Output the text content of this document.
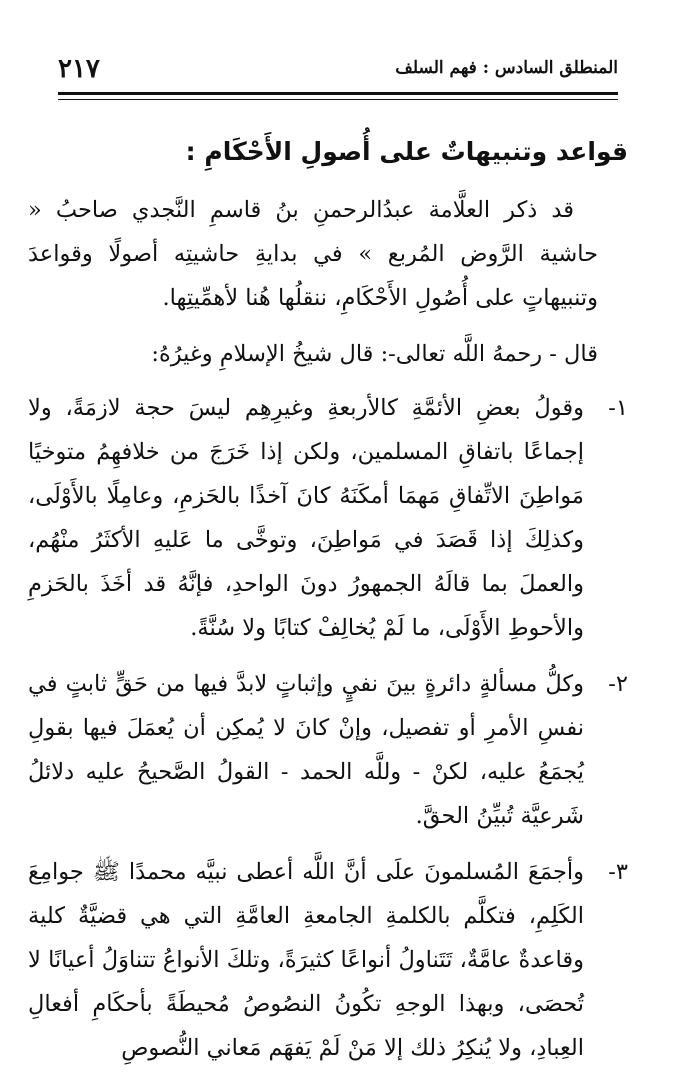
المنطلق السادس : فهم السلف
٢١٧
قواعد وتنبيهاتٌ على أُصولِ الأَحْكَامِ :

قد ذكر العلَّامة عبدُالرحمنِ بنُ قاسمِ النَّجدي صاحبُ « حاشية الرَّوض المُربع » في بدايةِ حاشيتِه أصولًا وقواعدَ وتنبيهاتٍ على أُصُولِ الأَحْكَامِ، ننقلُها هُنا لأهمِّيتِها.

قال - رحمهُ اللَّه تعالى-: قال شيخُ الإسلامِ وغيرُهُ:

١-
وقولُ بعضِ الأئمَّةِ كالأربعةِ وغيرِهِم ليسَ حجة لازمَةً، ولا إجماعًا باتفاقِ المسلمين، ولكن إذا خَرَجَ من خلافهِمُ متوخيًا مَواطِنَ الاتِّفاقِ مَهمَا أمكَنَهُ كانَ آخذًا بالحَزمِ، وعامِلًا بالأَوْلَى، وكذلِكَ إذا قَصَدَ في مَواطِنَ، وتوخَّى ما عَليهِ الأكثَرُ منْهُم، والعملَ بما قالَهُ الجمهورُ دونَ الواحدِ، فإنَّهُ قد أخَذَ بالحَزمِ والأحوطِ الأَوْلَى، ما لَمْ يُخالِفْ كتابًا ولا سُنَّةً.
٢-
وكلُّ مسألةٍ دائرةٍ بينَ نفيٍ وإثباتٍ لابدَّ فيها من حَقٍّ ثابتٍ في نفسِ الأمرِ أو تفصيل، وإنْ كانَ لا يُمكِن أن يُعمَلَ فيها بقولِ يُجمَعُ عليه، لكنْ - وللَّه الحمد - القولُ الصَّحيحُ عليه دلائلُ شَرعيَّة تُبيِّنُ الحقَّ.
٣-
وأجمَعَ المُسلمونَ علَى أنَّ اللَّه أعطى نبيَّه محمدًا ﷺ جوامِعَ الكَلِمِ، فتكلَّم بالكلمةِ الجامعةِ العامَّةِ التي هي قضيَّةٌ كلية وقاعدةٌ عامَّةٌ، تَتَناولُ أنواعًا كثيرَةً، وتلكَ الأنواعُ تتناوَلُ أعيانًا لا تُحصَى، وبهذا الوجهِ تكُونُ النصُوصُ مُحيطَةً بأحكَامِ أفعالِ العِبادِ، ولا يُنكِرُ ذلك إلا مَنْ لَمْ يَفهَم مَعاني النُّصوصِ
